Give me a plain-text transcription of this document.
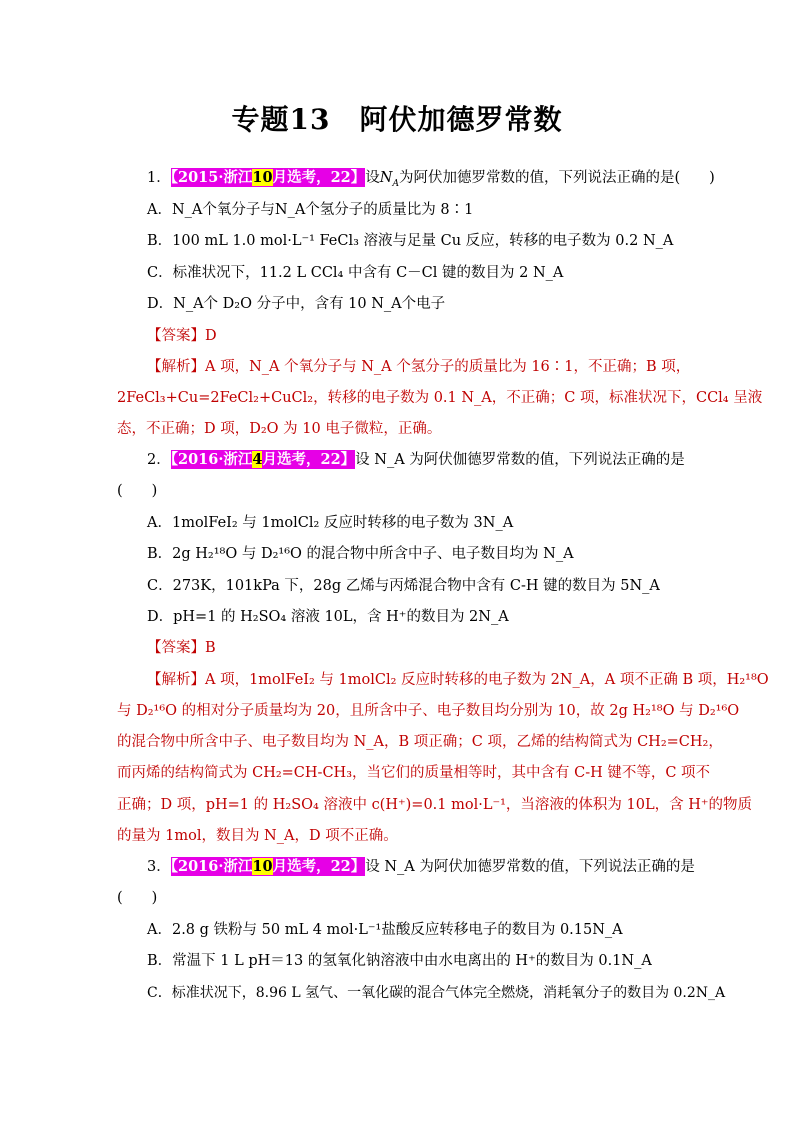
专题13　阿伏加德罗常数
1．【2015·浙江10月选考，22】设$N_A$为阿伏加德罗常数的值，下列说法正确的是(　　)
A．N_A个氧分子与N_A个氢分子的质量比为 8∶1
B．100 mL 1.0 mol·L⁻¹ FeCl₃ 溶液与足量 Cu 反应，转移的电子数为 0.2 N_A
C．标准状况下，11.2 L CCl₄ 中含有 C－Cl 键的数目为 2 N_A
D．N_A个 D₂O 分子中，含有 10 N_A个电子
【答案】D
【解析】A 项，N_A 个氧分子与 N_A 个氢分子的质量比为 16∶1，不正确；B 项，
2FeCl₃+Cu=2FeCl₂+CuCl₂，转移的电子数为 0.1 N_A，不正确；C 项，标准状况下，CCl₄ 呈液
态，不正确；D 项，D₂O 为 10 电子微粒，正确。
2．【2016·浙江4月选考，22】设 N_A 为阿伏伽德罗常数的值，下列说法正确的是
(　　)
A．1molFeI₂ 与 1molCl₂ 反应时转移的电子数为 3N_A
B．2g H₂¹⁸O 与 D₂¹⁶O 的混合物中所含中子、电子数目均为 N_A
C．273K，101kPa 下，28g 乙烯与丙烯混合物中含有 C-H 键的数目为 5N_A
D．pH=1 的 H₂SO₄ 溶液 10L，含 H⁺的数目为 2N_A
【答案】B
【解析】A 项，1molFeI₂ 与 1molCl₂ 反应时转移的电子数为 2N_A，A 项不正确 B 项，H₂¹⁸O
与 D₂¹⁶O 的相对分子质量均为 20，且所含中子、电子数目均分别为 10，故 2g H₂¹⁸O 与 D₂¹⁶O
的混合物中所含中子、电子数目均为 N_A，B 项正确；C 项，乙烯的结构简式为 CH₂=CH₂，
而丙烯的结构简式为 CH₂=CH-CH₃，当它们的质量相等时，其中含有 C-H 键不等，C 项不
正确；D 项，pH=1 的 H₂SO₄ 溶液中 c(H⁺)=0.1 mol·L⁻¹，当溶液的体积为 10L，含 H⁺的物质
的量为 1mol，数目为 N_A，D 项不正确。
3．【2016·浙江10月选考，22】设 N_A 为阿伏加德罗常数的值，下列说法正确的是
(　　)
A．2.8 g 铁粉与 50 mL 4 mol·L⁻¹盐酸反应转移电子的数目为 0.15N_A
B．常温下 1 L pH＝13 的氢氧化钠溶液中由水电离出的 H⁺的数目为 0.1N_A
C．标准状况下，8.96 L 氢气、一氧化碳的混合气体完全燃烧，消耗氧分子的数目为 0.2N_A
